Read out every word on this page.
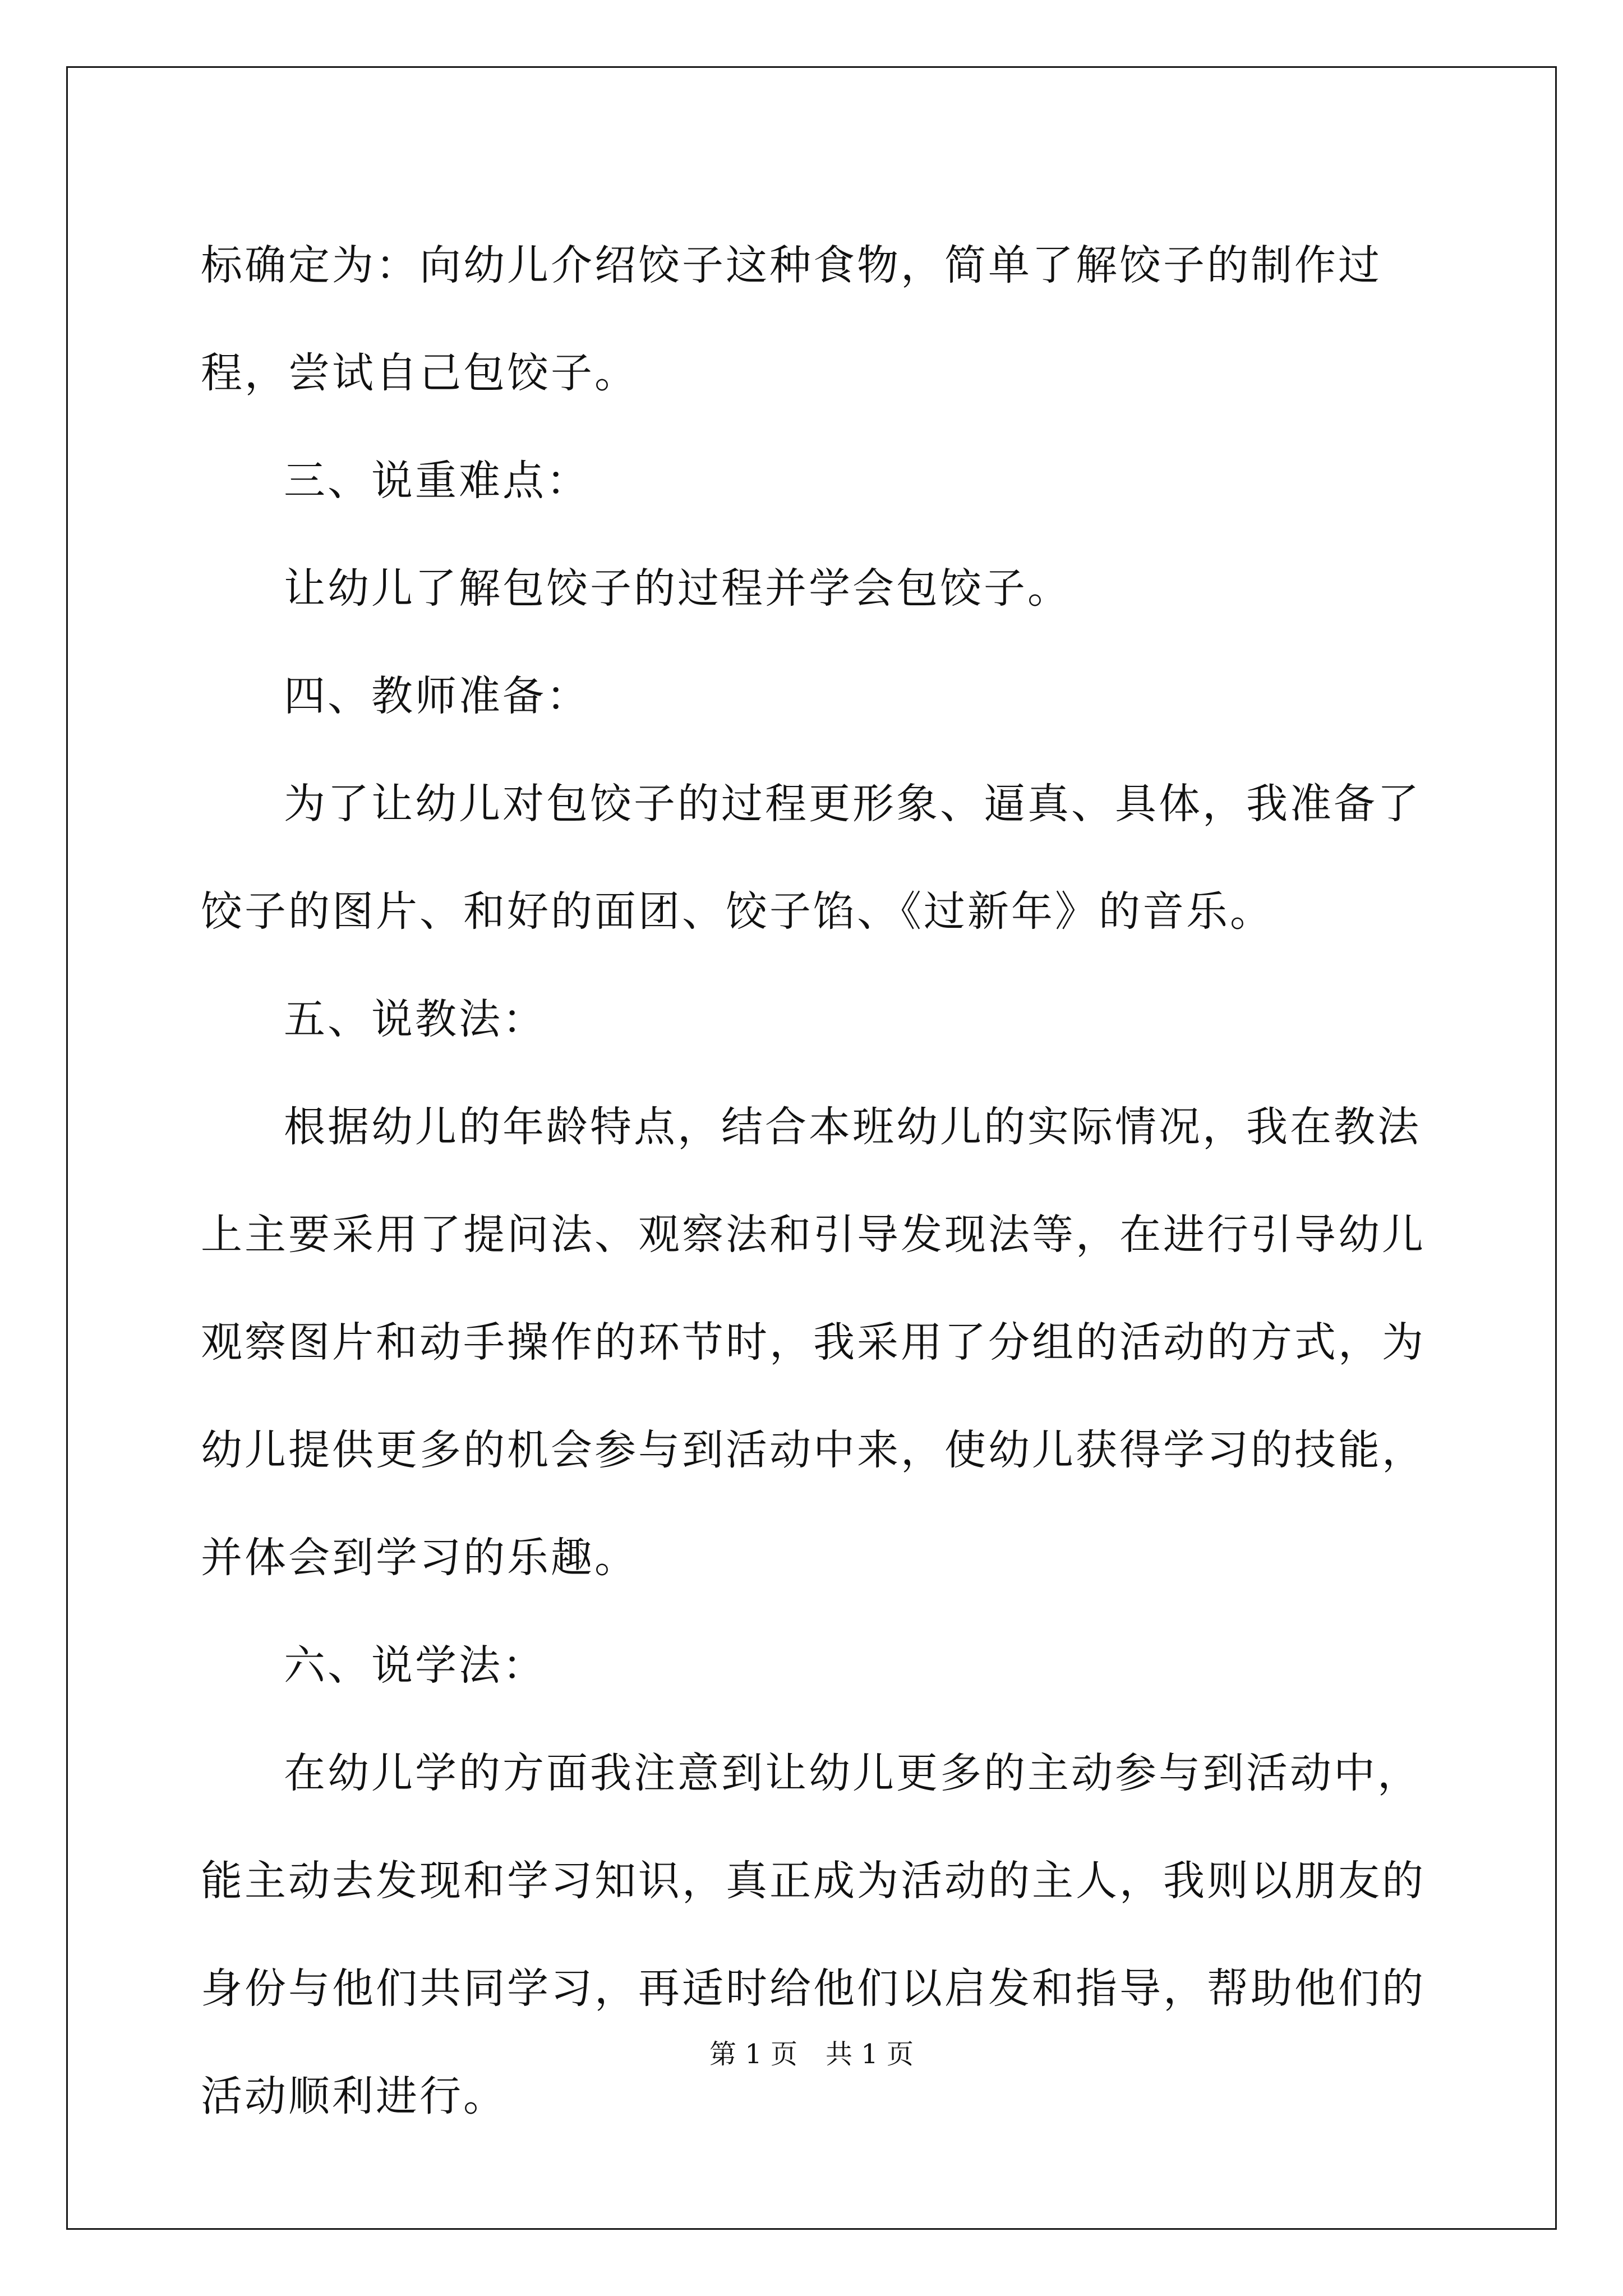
标确定为：向幼儿介绍饺子这种食物，简单了解饺子的制作过程，尝试自己包饺子。

三、说重难点：

让幼儿了解包饺子的过程并学会包饺子。

四、教师准备：

为了让幼儿对包饺子的过程更形象、逼真、具体，我准备了饺子的图片、和好的面团、饺子馅、《过新年》的音乐。

五、说教法：

根据幼儿的年龄特点，结合本班幼儿的实际情况，我在教法上主要采用了提问法、观察法和引导发现法等，在进行引导幼儿观察图片和动手操作的环节时，我采用了分组的活动的方式，为幼儿提供更多的机会参与到活动中来，使幼儿获得学习的技能，并体会到学习的乐趣。

六、说学法：

在幼儿学的方面我注意到让幼儿更多的主动参与到活动中，能主动去发现和学习知识，真正成为活动的主人，我则以朋友的身份与他们共同学习，再适时给他们以启发和指导，帮助他们的活动顺利进行。

第 1 页 共 1 页
